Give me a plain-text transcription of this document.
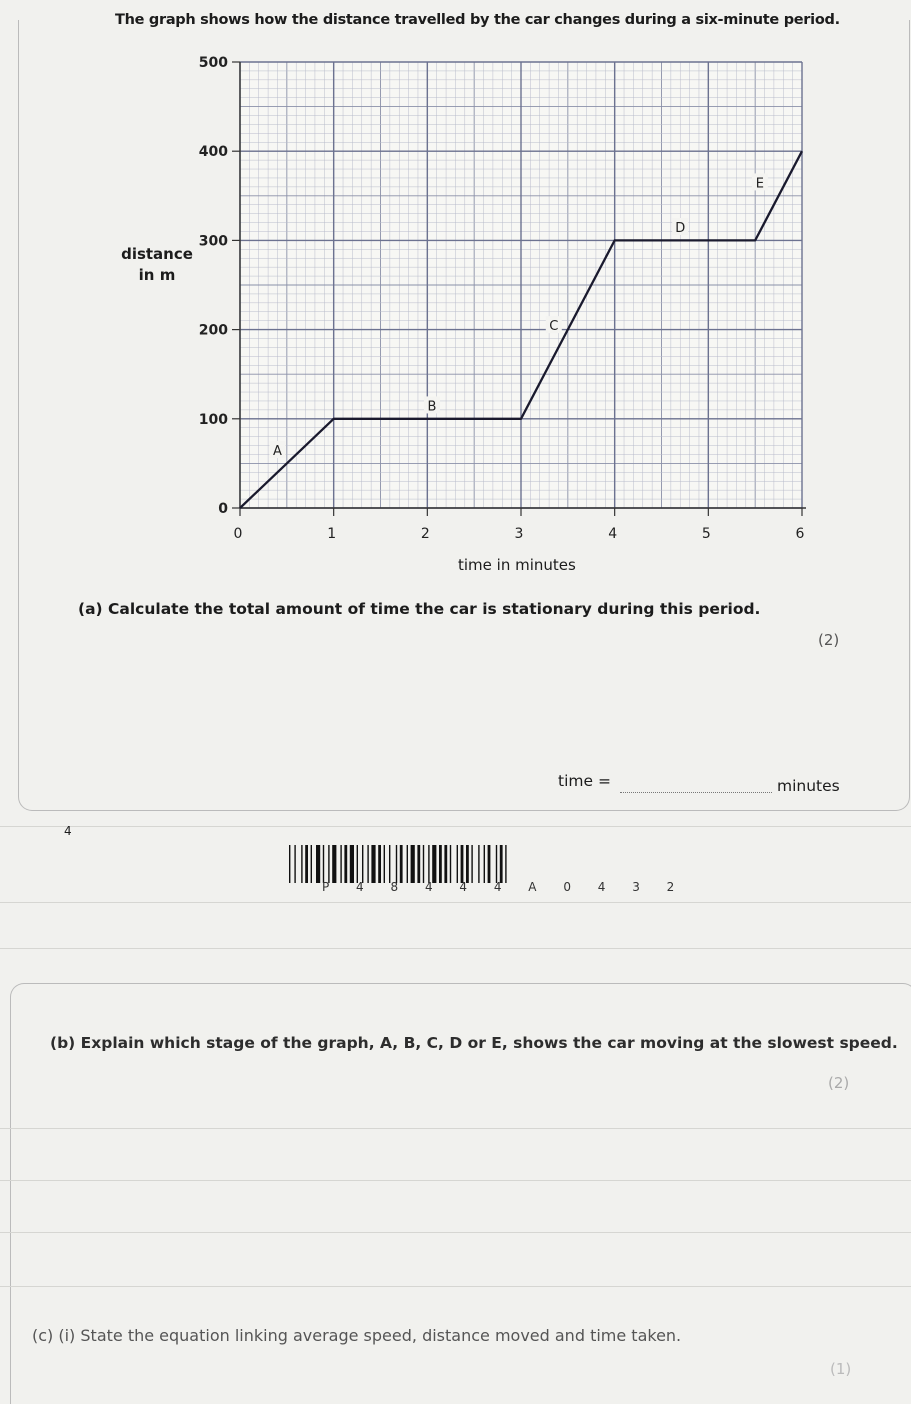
The graph shows how the distance travelled by the car changes during a six-minute period.
distance in m
0
100
200
300
400
500
0	1	2	3	4	5	6
A
B
C
D
E
time in minutes
(a) Calculate the total amount of time the car is stationary during this period.
(2)
time =	minutes
4
P 4 8 4 4 4 A 0 4 3 2
(b) Explain which stage of the graph, A, B, C, D or E, shows the car moving at the slowest speed.
(2)
(c) (i) State the equation linking average speed, distance moved and time taken.
(1)
